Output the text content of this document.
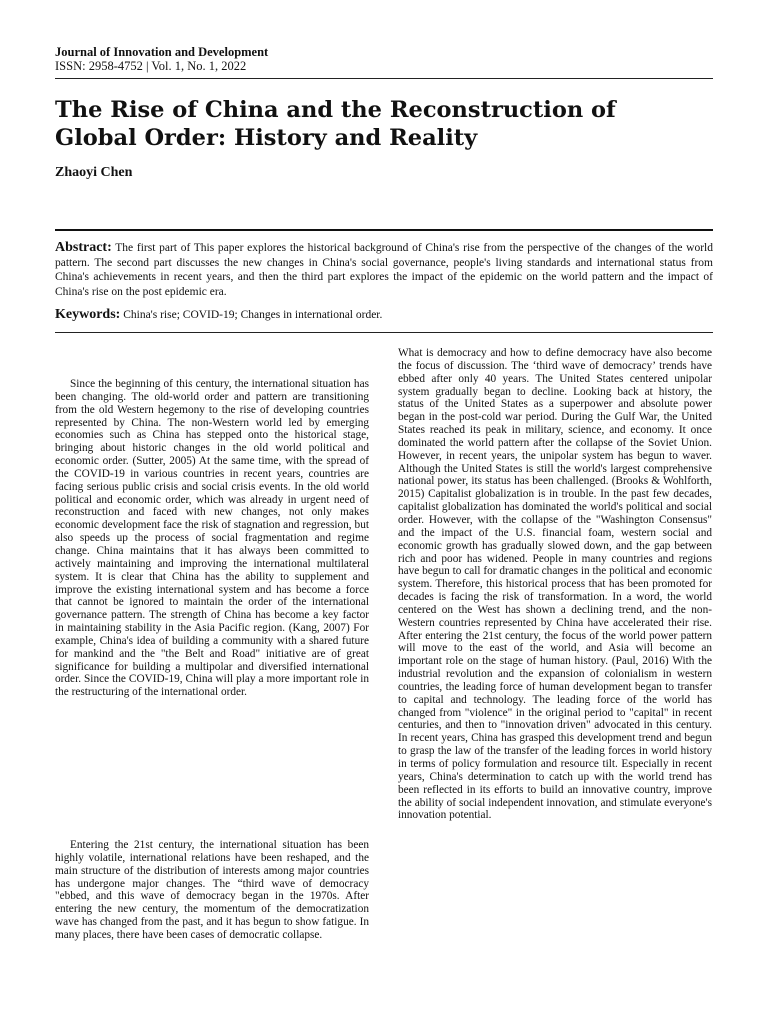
Journal of Innovation and Development
ISSN: 2958-4752 | Vol. 1, No. 1, 2022
The Rise of China and the Reconstruction of Global Order: History and Reality
Zhaoyi Chen

Abstract: The first part of This paper explores the historical background of China's rise from the perspective of the changes of the world pattern. The second part discusses the new changes in China's social governance, people's living standards and international status from China's achievements in recent years, and then the third part explores the impact of the epidemic on the world pattern and the impact of China's rise on the post epidemic era.

Keywords: China's rise; COVID-19; Changes in international order.

Since the beginning of this century, the international situation has been changing. The old-world order and pattern are transitioning from the old Western hegemony to the rise of developing countries represented by China. The non-Western world led by emerging economies such as China has stepped onto the historical stage, bringing about historic changes in the old world political and economic order. (Sutter, 2005) At the same time, with the spread of the COVID-19 in various countries in recent years, countries are facing serious public crisis and social crisis events. In the old world political and economic order, which was already in urgent need of reconstruction and faced with new changes, not only makes economic development face the risk of stagnation and regression, but also speeds up the process of social fragmentation and regime change. China maintains that it has always been committed to actively maintaining and improving the international multilateral system. It is clear that China has the ability to supplement and improve the existing international system and has become a force that cannot be ignored to maintain the order of the international governance pattern. The strength of China has become a key factor in maintaining stability in the Asia Pacific region. (Kang, 2007) For example, China's idea of building a community with a shared future for mankind and the "the Belt and Road" initiative are of great significance for building a multipolar and diversified international order. Since the COVID-19, China will play a more important role in the restructuring of the international order.

Entering the 21st century, the international situation has been highly volatile, international relations have been reshaped, and the main structure of the distribution of interests among major countries has undergone major changes. The “third wave of democracy "ebbed, and this wave of democracy began in the 1970s. After entering the new century, the momentum of the democratization wave has changed from the past, and it has begun to show fatigue. In many places, there have been cases of democratic collapse.

What is democracy and how to define democracy have also become the focus of discussion. The ‘third wave of democracy’ trends have ebbed after only 40 years. The United States centered unipolar system gradually began to decline. Looking back at history, the status of the United States as a superpower and absolute power began in the post-cold war period. During the Gulf War, the United States reached its peak in military, science, and economy. It once dominated the world pattern after the collapse of the Soviet Union. However, in recent years, the unipolar system has begun to waver. Although the United States is still the world's largest comprehensive national power, its status has been challenged. (Brooks & Wohlforth, 2015) Capitalist globalization is in trouble. In the past few decades, capitalist globalization has dominated the world's political and social order. However, with the collapse of the "Washington Consensus" and the impact of the U.S. financial foam, western social and economic growth has gradually slowed down, and the gap between rich and poor has widened. People in many countries and regions have begun to call for dramatic changes in the political and economic system. Therefore, this historical process that has been promoted for decades is facing the risk of transformation. In a word, the world centered on the West has shown a declining trend, and the non-Western countries represented by China have accelerated their rise. After entering the 21st century, the focus of the world power pattern will move to the east of the world, and Asia will become an important role on the stage of human history. (Paul, 2016) With the industrial revolution and the expansion of colonialism in western countries, the leading force of human development began to transfer to capital and technology. The leading force of the world has changed from "violence" in the original period to "capital" in recent centuries, and then to "innovation driven" advocated in this century. In recent years, China has grasped this development trend and begun to grasp the law of the transfer of the leading forces in world history in terms of policy formulation and resource tilt. Especially in recent years, China's determination to catch up with the world trend has been reflected in its efforts to build an innovative country, improve the ability of social independent innovation, and stimulate everyone's innovation potential.
